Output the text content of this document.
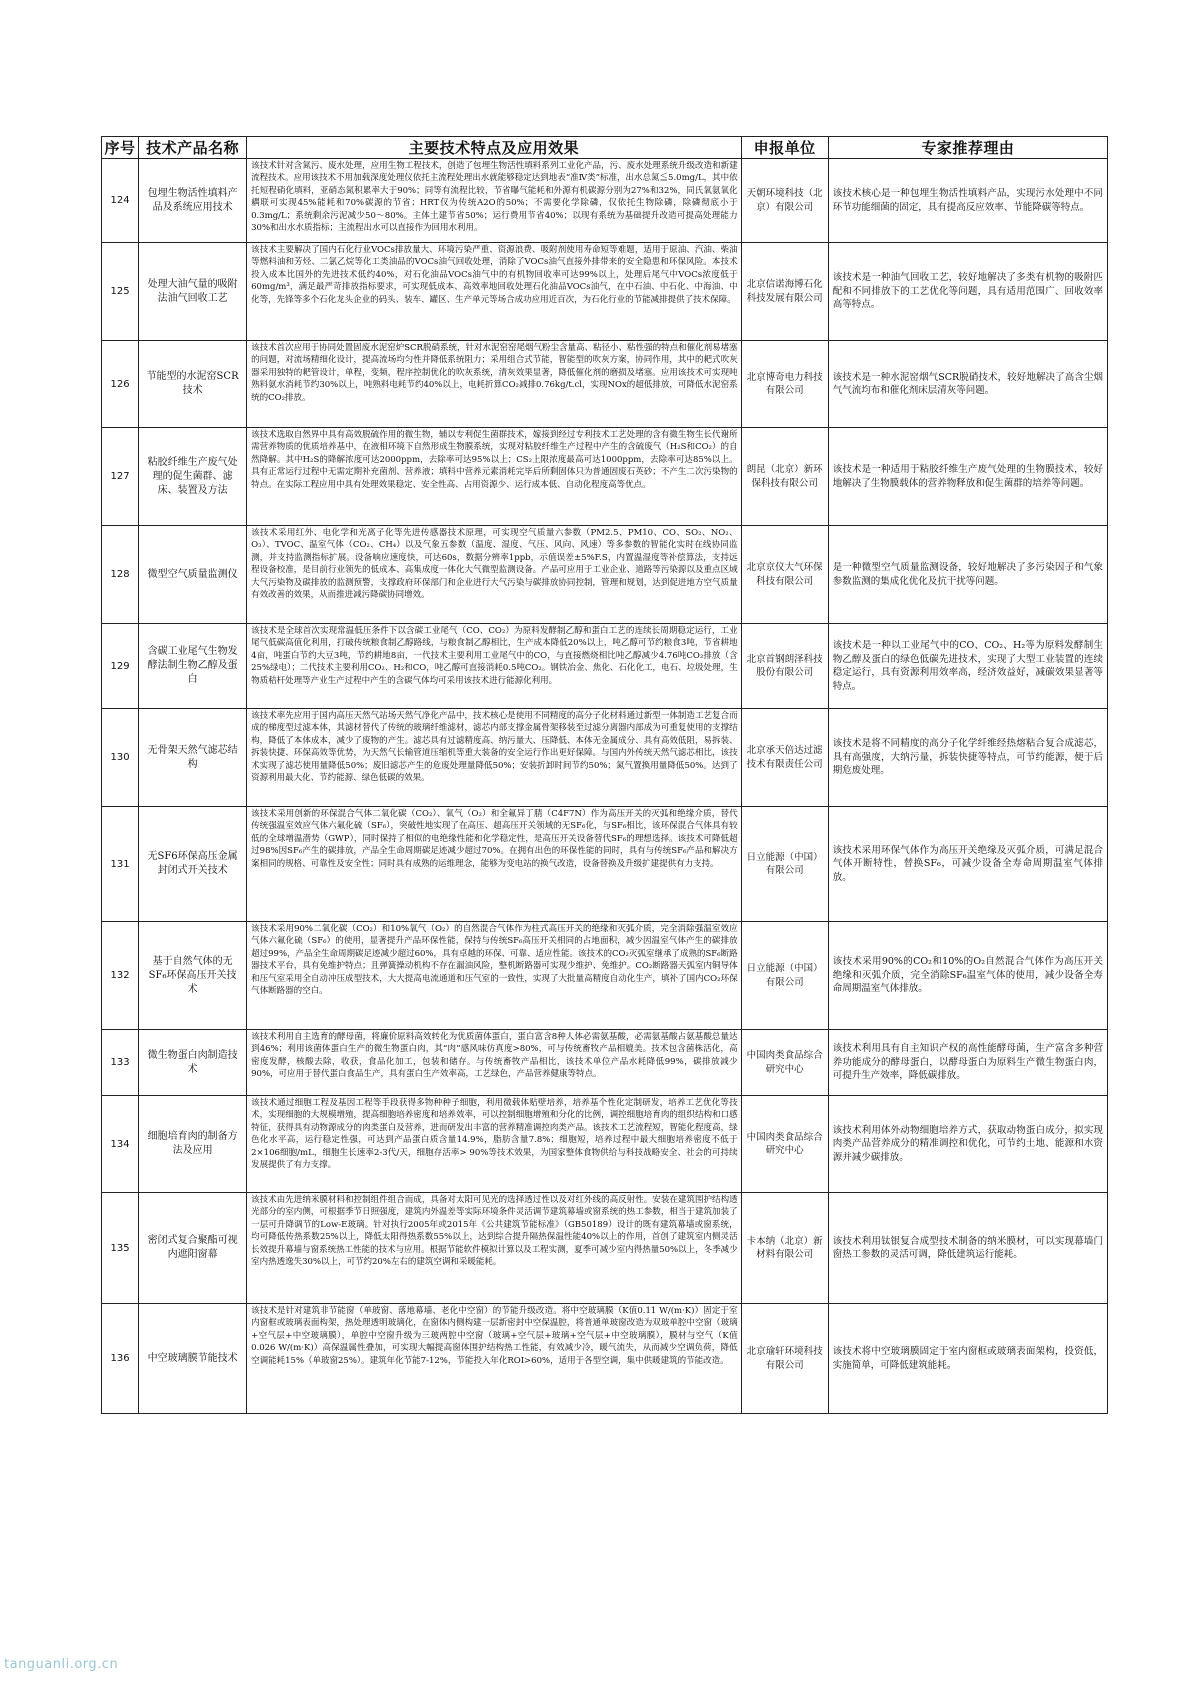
序号	技术产品名称	主要技术特点及应用效果	申报单位	专家推荐理由
124	包埋生物活性填料产品及系统应用技术	该技术针对含氮污、废水处理，应用生物工程技术，创造了包埋生物活性填料系列工业化产品，污、废水处理系统升级改造和新建流程技术。应用该技术不用加载深度处理仪依托主流程处理出水就能够稳定达到地表“准Ⅳ类”标准，出水总氮≦5.0mg/L，其中依托短程硝化填料，亚硝态氮积累率大于90%；同等有流程比较，节省曝气能耗和外源有机碳源分别为27%和32%，同氏氧氨氧化耦联可实现45%能耗和70%碳源的节省；HRT仅为传统A2O的50%；不需要化学除磷，仅依托生物除磷，除磷彻底小于0.3mg/L；系统剩余污泥减少50～80%。主体土建节省50%；运行费用节省40%；以现有系统为基础提升改造可提高处理能力30%和出水水质指标；主流程出水可以直接作为回用水利用。	天朝环境科技（北京）有限公司	该技术核心是一种包埋生物活性填料产品，实现污水处理中不同环节功能细菌的固定，具有提高反应效率、节能降碳等特点。
125	处理大油气量的吸附法油气回收工艺	该技术主要解决了国内石化行业VOCs排放量大、环境污染严重、资源浪费、吸附剂使用寿命短等难题，适用于原油、汽油、柴油等燃料油和芳烃、二氯乙烷等化工类油品的VOCs油气回收处理，消除了VOCs油气直接外排带来的安全隐患和环保风险。本技术投入成本比国外的先进技术低约40%，对石化油品VOCs油气中的有机物回收率可达99%以上，处理后尾气中VOCs浓度低于60mg/m³，满足最严苛排放指标要求，可实现低成本、高效率地回收处理石化油品VOCs油气，在中石油、中石化、中海油、中化等，先锋等多个石化龙头企业的码头、装车、罐区、生产单元等场合成功应用近百次，为石化行业的节能减排提供了技术保障。	北京信诺海博石化科技发展有限公司	该技术是一种油气回收工艺，较好地解决了多类有机物的吸附匹配和不同排放下的工艺优化等问题，具有适用范围广、回收效率高等特点。
126	节能型的水泥窑SCR技术	该技术首次应用于协同处置固废水泥窑炉SCR脱硝系统，针对水泥窑窑尾烟气粉尘含量高、粘径小、粘性强的特点和催化剂易堵塞的问题，对流场精细化设计，提高流场均匀性并降低系统阻力；采用组合式节能，智能型的吹灰方案，协同作用，其中的耙式吹灰器采用独特的耙管设计，单程，变频，程序控制优化的吹灰系统，清灰效果显著，降低催化剂的磨损及堵塞。应用该技术可实现吨熟料氨水消耗节约30%以上，吨熟料电耗节约40%以上，电耗折算CO₂减排0.76kg/t.cl，实现NOx的超低排放，可降低水泥窑系统的CO₂排放。	北京博奇电力科技有限公司	该技术是一种水泥窑烟气SCR脱硝技术，较好地解决了高含尘烟气气流均布和催化剂床层清灰等问题。
127	粘胶纤维生产废气处理的促生菌群、滤床、装置及方法	该技术选取自然界中具有高效脱硫作用的微生物，辅以专利促生菌群技术，嫁接到经过专利技术工艺处理的含有微生物生长代谢所需营养物质的优质培养基中，在液相环境下自然形成生物膜系统，实现对粘胶纤维生产过程中产生的含硫废气（H₂S和CO₂）的自然降解。其中H₂S的降解浓度可达2000ppm，去除率可达95%以上；CS₂上限浓度最高可达1000ppm，去除率可达85%以上。具有正常运行过程中无需定期补充菌剂、营养液；填料中营养元素消耗完毕后所剩固体只为普通固废石英砂；不产生二次污染物的特点。在实际工程应用中具有处理效果稳定、安全性高、占用资源少、运行成本低、自动化程度高等优点。	朗昆（北京）新环保科技有限公司	该技术是一种适用于粘胶纤维生产废气处理的生物膜技术，较好地解决了生物膜载体的营养物释放和促生菌群的培养等问题。
128	微型空气质量监测仪	该技术采用红外、电化学和光离子化等先进传感器技术原理，可实现空气质量六参数（PM2.5、PM10、CO、SO₂、NO₂、O₃）、TVOC、温室气体（CO₂、CH₄）以及气象五参数（温度、湿度、气压、风向、风速）等多参数的智能化实时在线协同监测，并支持监测指标扩展。设备响应速度快，可达60s，数据分辨率1ppb，示值误差±5%F.S，内置温湿度等补偿算法，支持远程设备校准，是目前行业领先的低成本、高集成度一体化大气微型监测设备。产品可应用于工业企业、道路等污染源以及重点区域大气污染物及碳排放的监测预警，支撑政府环保部门和企业进行大气污染与碳排放协同控制，管理和规划，达到促进地方空气质量有效改善的效果，从而推进减污降碳协同增效。	北京京仪大气环保科技有限公司	是一种微型空气质量监测设备，较好地解决了多污染因子和气象参数监测的集成化优化及抗干扰等问题。
129	含碳工业尾气生物发酵法制生物乙醇及蛋白	该技术是全球首次实现常温低压条件下以含碳工业尾气（CO、CO₂）为原料发酵制乙醇和蛋白工艺的连续长周期稳定运行，工业尾气低碳高值化利用，打破传统粮食制乙醇路线，与粮食制乙醇相比，生产成本降低20%以上，吨乙醇可节约粮食3吨，节省耕地4亩，吨蛋白节约大豆3吨，节约耕地8亩，一代技术主要利用工业尾气中的CO，与直接燃烧相比吨乙醇减少4.76吨CO₂排放（含25%绿电）；二代技术主要利用CO₂、H₂和CO，吨乙醇可直接消耗0.5吨CO₂。钢铁冶金、焦化、石化化工，电石、垃圾处理，生物质秸杆处理等产业生产过程中产生的含碳气体均可采用该技术进行能源化利用。	北京首钢朗泽科技股份有限公司	该技术是一种以工业尾气中的CO、CO₂、H₂等为原料发酵制生物乙醇及蛋白的绿色低碳先进技术，实现了大型工业装置的连续稳定运行，具有资源利用效率高，经济效益好，减碳效果显著等特点。
130	无骨架天然气滤芯结构	该技术率先应用于国内高压天然气站场天然气净化产品中，技术核心是使用不同精度的高分子化材料通过新型一体制造工艺复合而成的梯度型过滤本体，其滤材替代了传统的玻璃纤维滤材，滤芯内部支撑金属骨架移装至过滤分离器内部成为可重复使用的支撑结构，降低了本体成本，减少了废物的产生。滤芯具有过滤精度高、纳污量大、压降低、本体无金属成分、具有高效低阻，易拆装、拆装快捷、环保高效等优势，为天然气长输管道压缩机等重大装备的安全运行作出更好保障。与国内外传统天然气滤芯相比，该技术实现了滤芯使用量降低50%；废旧滤芯产生的危废处理量降低50%；安装折卸时间节约50%；氮气置换用量降低50%。达到了资源利用最大化、节约能源、绿色低碳的效果。	北京承天倍达过滤技术有限责任公司	该技术是将不同精度的高分子化学纤维经热熔粘合复合成滤芯，具有高强度，大纳污量，拆装快捷等特点，可节约能源，便于后期危废处理。
131	无SF6环保高压金属封闭式开关技术	该技术采用创新的环保混合气体二氧化碳（CO₂）、氧气（O₂）和全氟异丁腈（C4F7N）作为高压开关的灭弧和绝缘介质，替代传统强温室效应气体六氟化硫（SF₆），突破性地实现了在高压、超高压开关领域的无SF₆化，与SF₆相比，该环保混合气体具有较低的全球增温潜势（GWP），同时保持了相似的电绝缘性能和化学稳定性，是高压开关设备替代SF₆的理想选择。该技术可降低超过98%因SF₆产生的碳排放，产品全生命周期碳足迹减少超过70%。在拥有出色的环保性能的同时，具有与传统SF₆产品和解决方案相同的规格、可靠性及安全性；同时具有成熟的运维理念，能够为变电站的换气改造，设备替换及升级扩建提供有力支持。	日立能源（中国）有限公司	该技术采用环保气体作为高压开关绝缘及灭弧介质，可满足混合气体开断特性，替换SF₆，可减少设备全寿命周期温室气体排放。
132	基于自然气体的无SF₆环保高压开关技术	该技术采用90%二氧化碳（CO₂）和10%氧气（O₂）的自然混合气体作为柱式高压开关的绝缘和灭弧介质，完全消除强温室效应气体六氟化硫（SF₆）的使用，显著提升产品环保性能，保持与传统SF₆高压开关相同的占地面积，减少因温室气体产生的碳排放超过99%，产品全生命周期碳足迹减少超过60%，具有卓越的环保、可靠、适应性能。该技术的CO₂灭弧室继承了成熟的SF₆断路器技术平台，具有免维护特点；且弹簧操动机构不存在漏油风险，整机断路器可实现少维护、免维护。CO₂断路器天弧室内铜导体和压气室采用全自动冲压成型技术，大大提高电流通道和压气室的一致性，实现了大批量高精度自动化生产，填补了国内CO₂环保气体断路器的空白。	日立能源（中国）有限公司	该技术采用90%的CO₂和10%的O₂自然混合气体作为高压开关绝缘和灭弧介质，完全消除SF₆温室气体的使用，减少设备全寿命周期温室气体排放。
133	微生物蛋白肉制造技术	该技术利用自主选育的酵母菌，将廉价原料高效转化为优质菌体蛋白，蛋白富含8种人体必需氨基酸，必需氨基酸占氨基酸总量达到46%；利用该菌体蛋白生产的微生物蛋白肉，其“肉”感风味仿真度>80%，可与传统畜牧产品相媲美。技术包含菌株活化，高密度发酵，核酸去除，收获，食品化加工，包装和储存。与传统畜牧产品相比，该技术单位产品水耗降低99%，碳排放减少90%，可应用于替代蛋白食品生产，具有蛋白生产效率高，工艺绿色，产品营养健康等特点。	中国肉类食品综合研究中心	该技术利用具有自主知识产权的高性能酵母菌，生产富含多种营养功能成分的酵母蛋白，以酵母蛋白为原料生产微生物蛋白肉，可提升生产效率，降低碳排放。
134	细胞培育肉的制备方法及应用	该技术通过细胞工程及基因工程等手段获得多物种种子细胞，利用微载体贴壁培养，培养基个性化定制研发，培养工艺优化等技术，实现细胞的大规模增殖，提高细胞培养密度和培养效率，可以控制细胞增殖和分化的比例，调控细胞培育肉的组织结构和口感特征，获得具有动物源成分的肉类蛋白及营养，进而研发出丰富的营养精准调控肉类产品。该技术工艺流程短，智能化程度高，绿色化水平高，运行稳定性强，可达到产品蛋白质含量14.9%，脂肪含量7.8%；细胞短，培养过程中最大细胞培养密度不低于2×106细胞/mL，细胞生长速率2-3代/天，细胞存活率> 90%等技术效果，为国家整体食物供给与科技战略安全、社会的可持续发展提供了有力支撑。	中国肉类食品综合研究中心	该技术利用体外动物细胞培养方式，获取动物蛋白成分，拟实现肉类产品营养成分的精准调控和优化，可节约土地、能源和水资源并减少碳排放。
135	密闭式复合聚酯可视内遮阳窗幕	该技术由先进纳米膜材料和控制组件组合而成，具备对太阳可见光的选择透过性以及对红外线的高反射性。安装在建筑围护结构透光部分的室内侧，可根据季节日照强度，建筑内外温差等实际环境条件灵活调节建筑幕墙或窗系统的热工参数，相当于建筑加装了一层可升降调节的Low-E玻璃。针对执行2005年或2015年《公共建筑节能标准》（GB50189）设计的既有建筑幕墙或窗系统，均可降低传热系数25%以上，降低太阳得热系数55%以上，达到综合提升隔热保温性能40%以上的作用，首创了建筑室内侧灵活长效提升幕墙与窗系统热工性能的技术与应用。根据节能软件模拟计算以及工程实测，夏季可减少室内得热量50%以上，冬季减少室内热透逸失30%以上，可节约20%左右的建筑空调和采暖能耗。	卡本纳（北京）新材料有限公司	该技术利用钛银复合成型技术制备的纳米膜材，可以实现幕墙门窗热工参数的灵活可调，降低建筑运行能耗。
136	中空玻璃膜节能技术	该技术是针对建筑非节能窗（单玻窗、落地幕墙、老化中空窗）的节能升级改造。将中空玻璃膜（K值0.11 W/(m·K)）固定于室内窗框或玻璃表面构架，热处理透明玻璃化，在窗体内侧构建一层新密封中空保温腔，将普通单玻窗改造为双玻单腔中空窗（玻璃+空气层+中空玻璃膜），单腔中空窗升级为三玻两腔中空窗（玻璃+空气层+玻璃+空气层+中空玻璃膜），膜材与空气（K值0.026 W/(m·K)）高保温属性叠加，可实现大幅提高窗体围护结构热工性能，有效减少冷，暖气流失，从而减少空调负荷，降低空调能耗15%（单玻窗25%）。建筑年化节能7-12%，节能投入年化ROI>60%，适用于各型空调，集中供暖建筑的节能改造。	北京瑜轩环境科技有限公司	该技术将中空玻璃膜固定于室内窗框或玻璃表面架构，投资低，实施简单，可降低建筑能耗。
tanguanli.org.cn
